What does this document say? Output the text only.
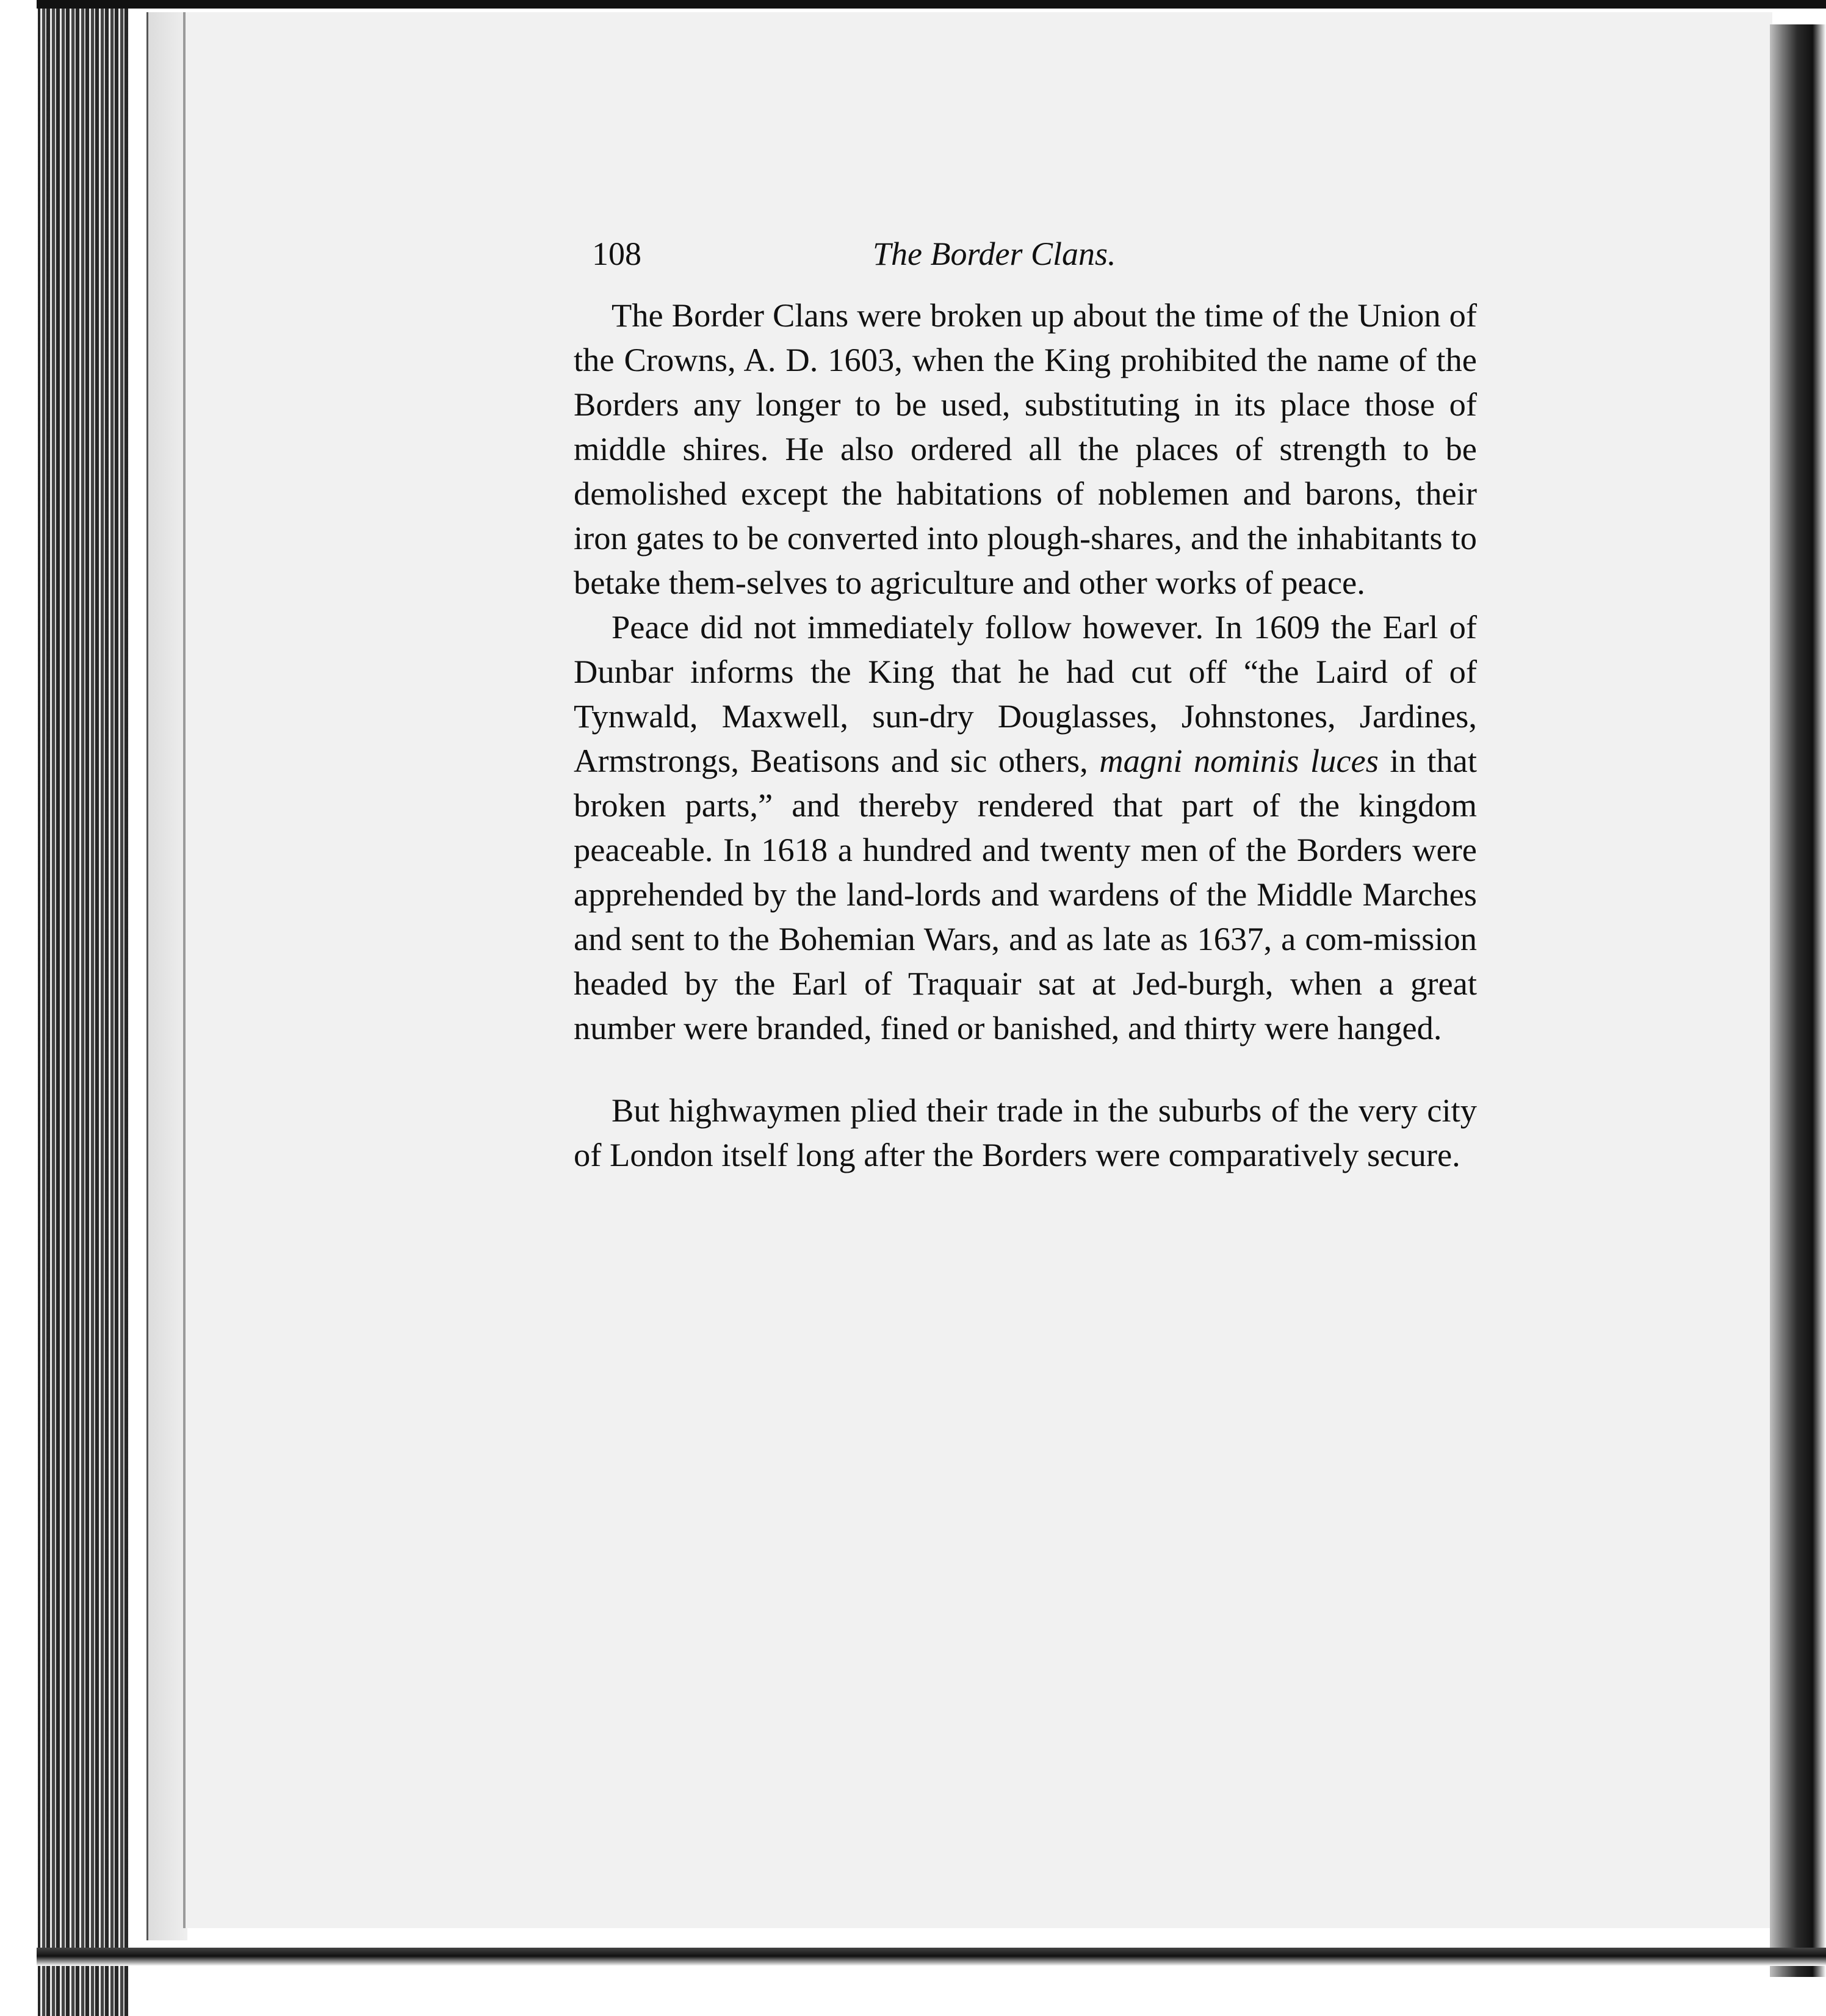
108	The Border Clans.

The Border Clans were broken up about the time of the Union of the Crowns, A. D. 1603, when the King prohibited the name of the Borders any longer to be used, substituting in its place those of middle shires. He also ordered all the places of strength to be demolished except the habitations of noblemen and barons, their iron gates to be converted into plough-shares, and the inhabitants to betake them-selves to agriculture and other works of peace.

Peace did not immediately follow however. In 1609 the Earl of Dunbar informs the King that he had cut off “the Laird of of Tynwald, Maxwell, sun-dry Douglasses, Johnstones, Jardines, Armstrongs, Beatisons and sic others, magni nominis luces in that broken parts,” and thereby rendered that part of the kingdom peaceable. In 1618 a hundred and twenty men of the Borders were apprehended by the land-lords and wardens of the Middle Marches and sent to the Bohemian Wars, and as late as 1637, a com-mission headed by the Earl of Traquair sat at Jed-burgh, when a great number were branded, fined or banished, and thirty were hanged.

But highwaymen plied their trade in the suburbs of the very city of London itself long after the Borders were comparatively secure.
